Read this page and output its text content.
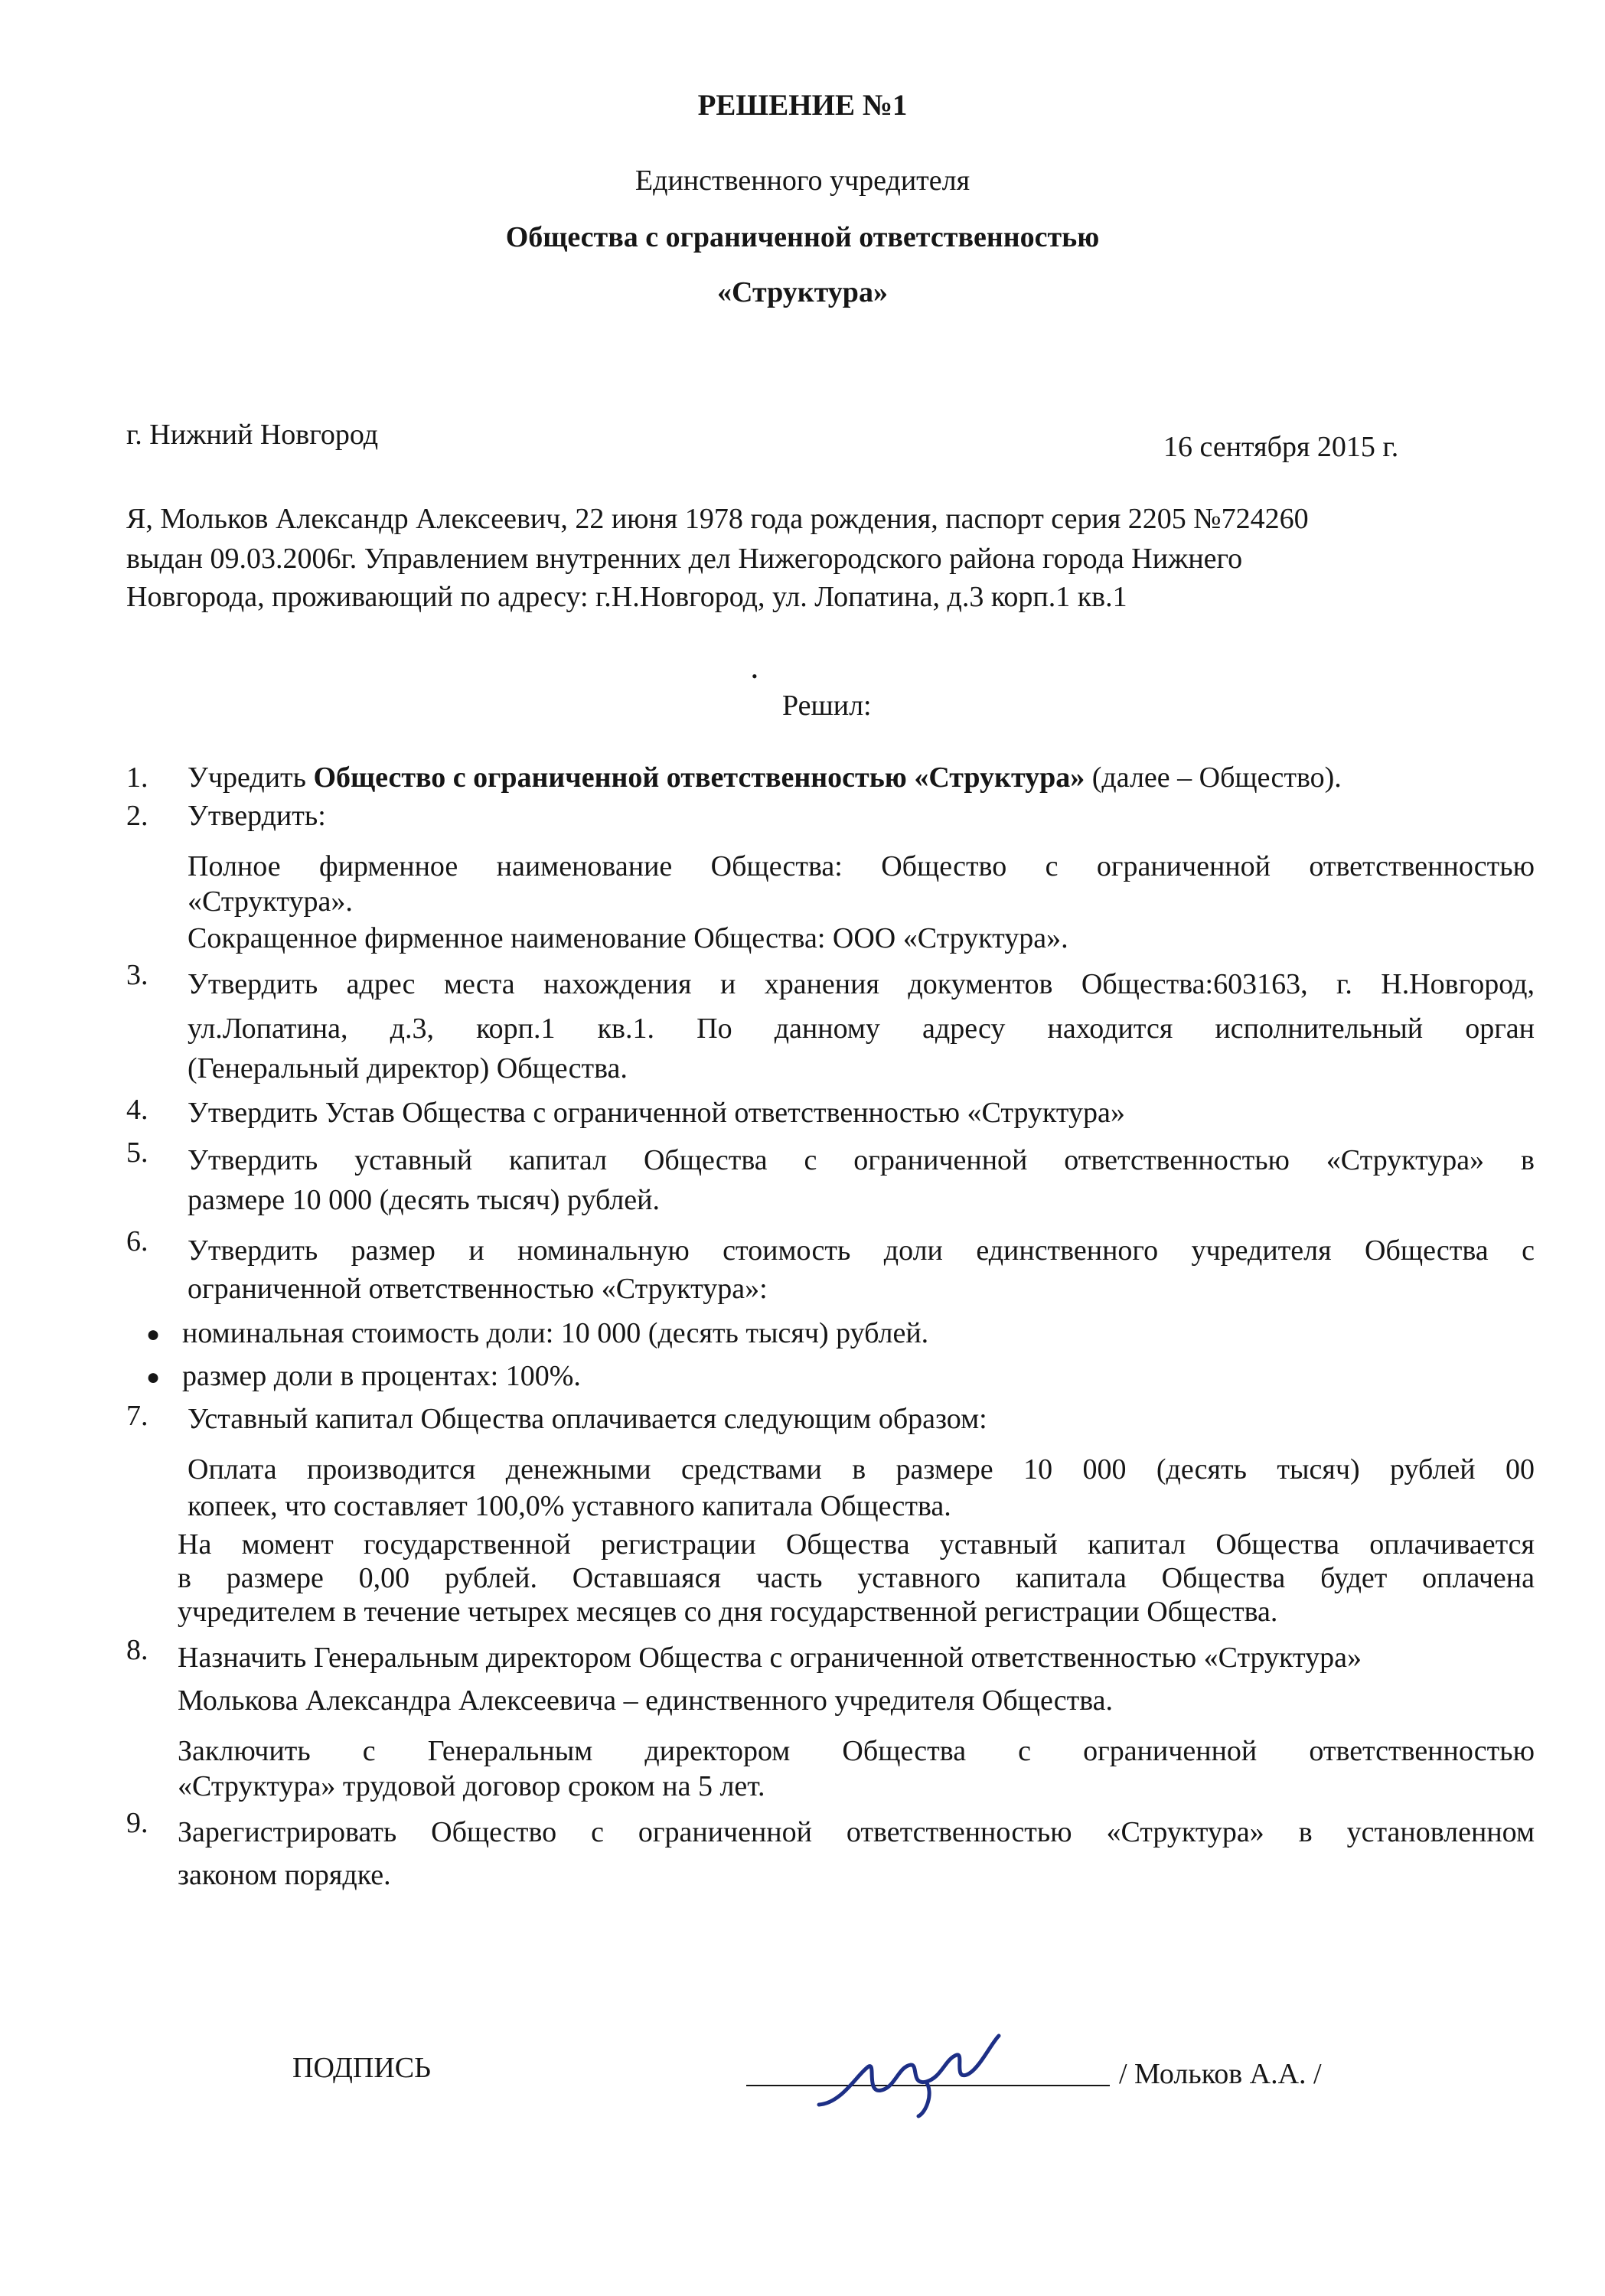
РЕШЕНИЕ №1
Единственного учредителя
Общества с ограниченной ответственностью
«Структура»
г. Нижний Новгород	16 сентября 2015 г.
Я, Мольков Александр Алексеевич, 22 июня 1978 года рождения, паспорт серия 2205 №724260
выдан 09.03.2006г. Управлением внутренних дел Нижегородского района города Нижнего
Новгорода, проживающий по адресу: г.Н.Новгород, ул. Лопатина, д.3 корп.1 кв.1
•
Решил:
1. Учредить Общество с ограниченной ответственностью «Структура» (далее – Общество).
2. Утвердить:
Полное фирменное наименование Общества: Общество с ограниченной ответственностью
«Структура».
Сокращенное фирменное наименование Общества: ООО «Структура».
3. Утвердить адрес места нахождения и хранения документов Общества:603163, г. Н.Новгород,
ул.Лопатина, д.3, корп.1 кв.1. По данному адресу находится исполнительный орган
(Генеральный директор) Общества.
4. Утвердить Устав Общества с ограниченной ответственностью «Структура»
5. Утвердить уставный капитал Общества с ограниченной ответственностью «Структура» в
размере 10 000 (десять тысяч) рублей.
6. Утвердить размер и номинальную стоимость доли единственного учредителя Общества с
ограниченной ответственностью «Структура»:
● номинальная стоимость доли: 10 000 (десять тысяч) рублей.
● размер доли в процентах: 100%.
7. Уставный капитал Общества оплачивается следующим образом:
Оплата производится денежными средствами в размере 10 000 (десять тысяч) рублей 00
копеек, что составляет 100,0% уставного капитала Общества.
На момент государственной регистрации Общества уставный капитал Общества оплачивается
в размере 0,00 рублей. Оставшаяся часть уставного капитала Общества будет оплачена
учредителем в течение четырех месяцев со дня государственной регистрации Общества.
8. Назначить Генеральным директором Общества с ограниченной ответственностью «Структура»
Молькова Александра Алексеевича – единственного учредителя Общества.
Заключить с Генеральным директором Общества с ограниченной ответственностью
«Структура» трудовой договор сроком на 5 лет.
9. Зарегистрировать Общество с ограниченной ответственностью «Структура» в установленном
законом порядке.
ПОДПИСЬ	/ Мольков А.А. /
